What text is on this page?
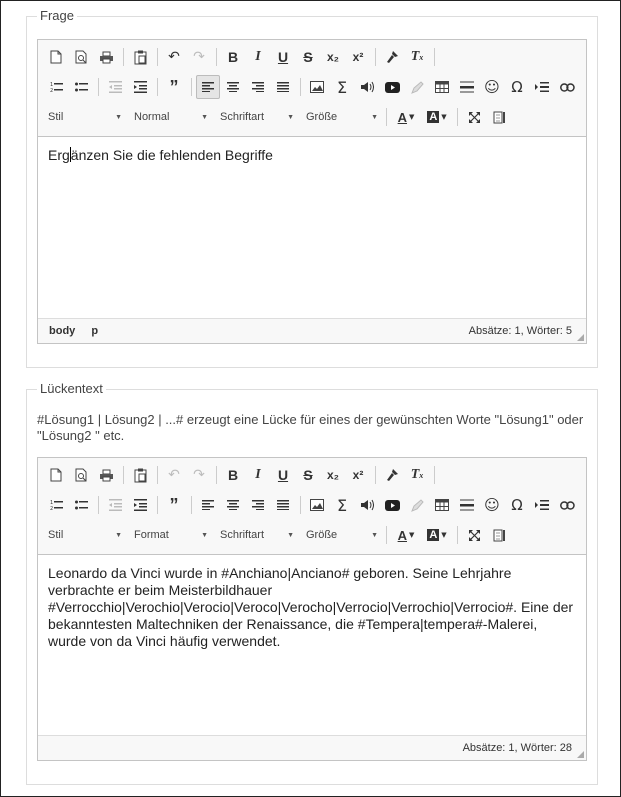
Frage
↶ ↷	B	I	U	S	x₂	x²	T x
1
2	”	Σ	☺ Ω
Stil	▼ Normal	▼ Schriftart	▼ Größe	▼ A ▼ A ▼
Ergänzen Sie die fehlenden Begriffe
body p	Absätze: 1, Wörter: 5
Lückentext
#Lösung1 | Lösung2 | ...# erzeugt eine Lücke für eines der gewünschten Worte "Lösung1" oder "Lösung2 " etc.
↶ ↷	B	I	U	S	x₂	x²	T x
1
2	”	Σ	☺ Ω
Stil	▼ Format	▼ Schriftart	▼ Größe	▼ A ▼ A ▼
Leonardo da Vinci wurde in #Anchiano|Anciano# geboren. Seine Lehrjahre verbrachte er beim Meisterbildhauer #Verrocchio|Verochio|Verocio|Veroco|Verocho|Verrocio|Verrochio|Verrocio#. Eine der bekanntesten Maltechniken der Renaissance, die #Tempera|tempera#-Malerei, wurde von da Vinci häufig verwendet.
Absätze: 1, Wörter: 28
